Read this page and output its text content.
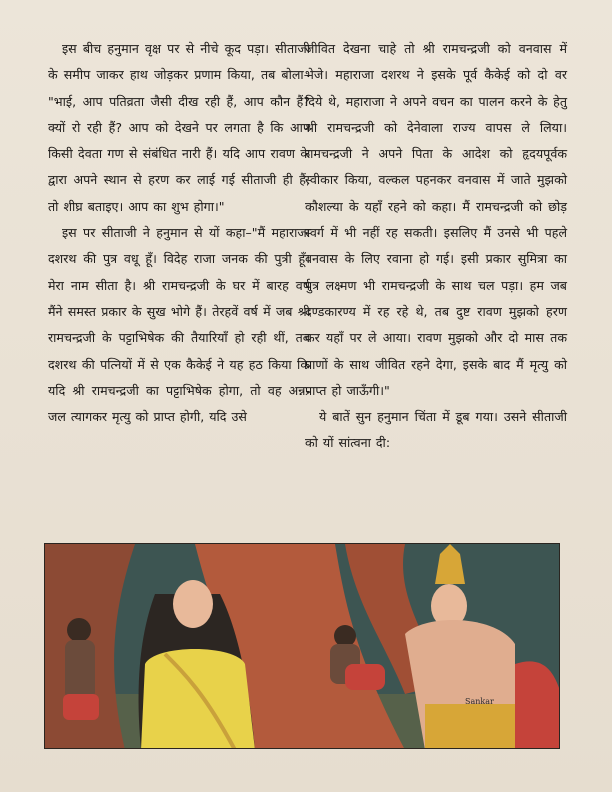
इस बीच हनुमान वृक्ष पर से नीचे कूद पड़ा। सीताजी के समीप जाकर हाथ जोड़कर प्रणाम किया, तब बोला– "भाई, आप पतिव्रता जैसी दीख रही हैं, आप कौन हैं? क्यों रो रही हैं? आप को देखने पर लगता है कि आप किसी देवता गण से संबंधित नारी हैं। यदि आप रावण के द्वारा अपने स्थान से हरण कर लाई गई सीताजी ही हैं, तो शीघ्र बताइए। आप का शुभ होगा।"

इस पर सीताजी ने हनुमान से यों कहा–"मैं महाराजा दशरथ की पुत्र वधू हूँ। विदेह राजा जनक की पुत्री हूँ। मेरा नाम सीता है। श्री रामचन्द्रजी के घर में बारह वर्ष मैंने समस्त प्रकार के सुख भोगे हैं। तेरहवें वर्ष में जब श्री रामचन्द्रजी के पट्टाभिषेक की तैयारियाँ हो रही थीं, तब दशरथ की पत्नियों में से एक कैकेई ने यह हठ किया कि यदि श्री रामचन्द्रजी का पट्टाभिषेक होगा, तो वह अन्न-जल त्यागकर मृत्यु को प्राप्त होगी, यदि उसे

जीवित देखना चाहे तो श्री रामचन्द्रजी को वनवास में भेजे। महाराजा दशरथ ने इसके पूर्व कैकेई को दो वर दिये थे, महाराजा ने अपने वचन का पालन करने के हेतु श्री रामचन्द्रजी को देनेवाला राज्य वापस ले लिया। रामचन्द्रजी ने अपने पिता के आदेश को हृदयपूर्वक स्वीकार किया, वल्कल पहनकर वनवास में जाते मुझको कौशल्या के यहाँ रहने को कहा। मैं रामचन्द्रजी को छोड़ स्वर्ग में भी नहीं रह सकती। इसलिए मैं उनसे भी पहले वनवास के लिए रवाना हो गई। इसी प्रकार सुमित्रा का पुत्र लक्ष्मण भी रामचन्द्रजी के साथ चल पड़ा। हम जब दण्डकारण्य में रह रहे थे, तब दुष्ट रावण मुझको हरण कर यहाँ पर ले आया। रावण मुझको और दो मास तक प्राणों के साथ जीवित रहने देगा, इसके बाद मैं मृत्यु को प्राप्त हो जाऊँगी।"

ये बातें सुन हनुमान चिंता में डूब गया। उसने सीताजी को यों सांत्वना दी:

Sankar
